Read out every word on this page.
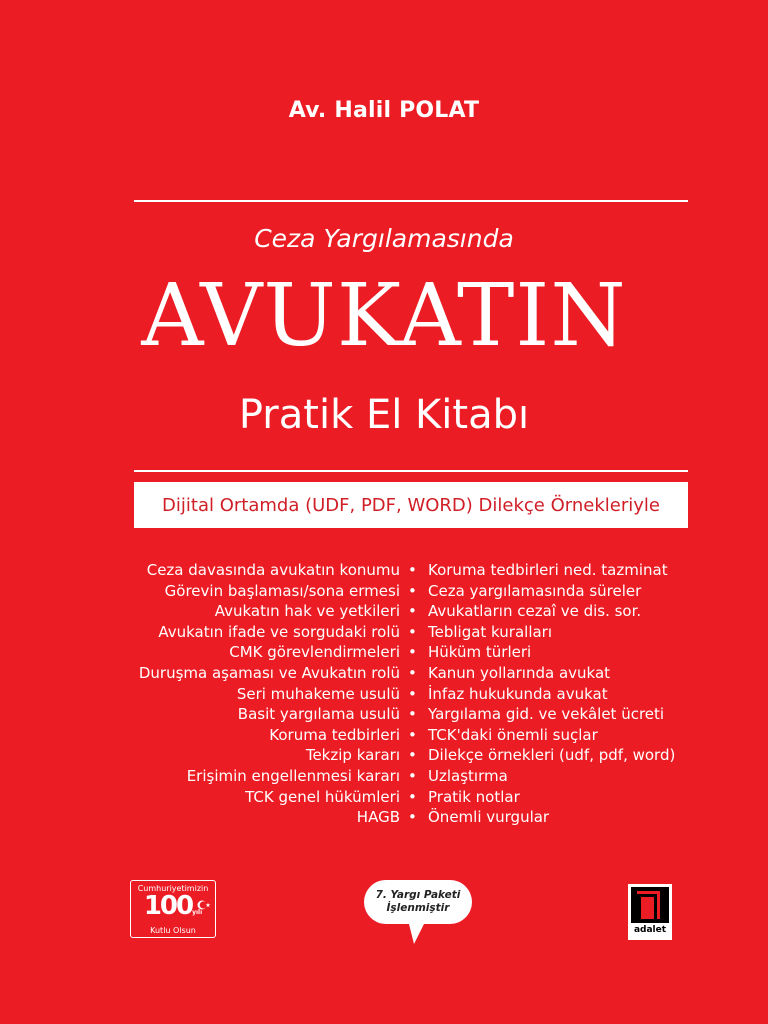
Av. Halil POLAT
Ceza Yargılamasında
AVUKATIN
Pratik El Kitabı
Dijital Ortamda (UDF, PDF, WORD) Dilekçe Örnekleriyle
Ceza davasında avukatın konumu
Görevin başlaması/sona ermesi
Avukatın hak ve yetkileri
Avukatın ifade ve sorgudaki rolü
CMK görevlendirmeleri
Duruşma aşaması ve Avukatın rolü
Seri muhakeme usulü
Basit yargılama usulü
Koruma tedbirleri
Tekzip kararı
Erişimin engellenmesi kararı
TCK genel hükümleri
HAGB
• Koruma tedbirleri ned. tazminat
• Ceza yargılamasında süreler
• Avukatların cezaî ve dis. sor.
• Tebligat kuralları
• Hüküm türleri
• Kanun yollarında avukat
• İnfaz hukukunda avukat
• Yargılama gid. ve vekâlet ücreti
• TCK'daki önemli suçlar
• Dilekçe örnekleri (udf, pdf, word)
• Uzlaştırma
• Pratik notlar
• Önemli vurgular
Cumhuriyetimizin
100yılı
Kutlu Olsun
7. Yargı Paketi
İşlenmiştir
adalet
